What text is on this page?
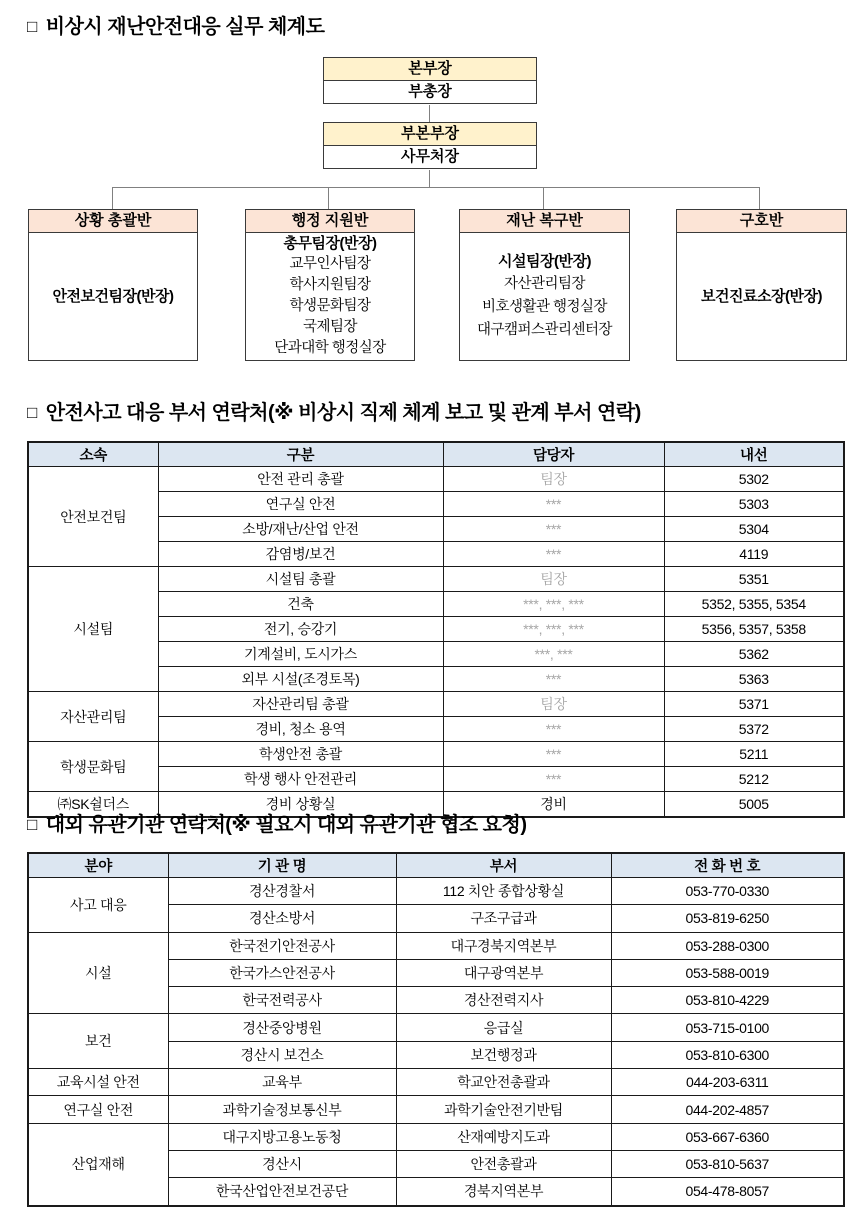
□ 비상시 재난안전대응 실무 체계도
본부장
부총장
부본부장
사무처장
상황 총괄반
안전보건팀장(반장)
행정 지원반
총무팀장(반장)
교무인사팀장
학사지원팀장
학생문화팀장
국제팀장
단과대학 행정실장
재난 복구반
시설팀장(반장)
자산관리팀장
비호생활관 행정실장
대구캠퍼스관리센터장
구호반
보건진료소장(반장)
□ 안전사고 대응 부서 연락처(※ 비상시 직제 체계 보고 및 관계 부서 연락)
소속	구분	담당자	내선
안전보건팀	안전 관리 총괄	팀장	5302
	연구실 안전	***	5303
	소방/재난/산업 안전	***	5304
	감염병/보건	***	4119
시설팀	시설팀 총괄	팀장	5351
	건축	***, ***, ***	5352, 5355, 5354
	전기, 승강기	***, ***, ***	5356, 5357, 5358
	기계설비, 도시가스	***, ***	5362
	외부 시설(조경토목)	***	5363
자산관리팀	자산관리팀 총괄	팀장	5371
	경비, 청소 용역	***	5372
학생문화팀	학생안전 총괄	***	5211
	학생 행사 안전관리	***	5212
㈜SK쉴더스	경비 상황실	경비	5005
□ 대외 유관기관 연락처(※ 필요시 대외 유관기관 협조 요청)
분야	기 관 명	부서	전 화 번 호
사고 대응	경산경찰서	112 치안 종합상황실	053-770-0330
	경산소방서	구조구급과	053-819-6250
시설	한국전기안전공사	대구경북지역본부	053-288-0300
	한국가스안전공사	대구광역본부	053-588-0019
	한국전력공사	경산전력지사	053-810-4229
보건	경산중앙병원	응급실	053-715-0100
	경산시 보건소	보건행정과	053-810-6300
교육시설 안전	교육부	학교안전총괄과	044-203-6311
연구실 안전	과학기술정보통신부	과학기술안전기반팀	044-202-4857
산업재해	대구지방고용노동청	산재예방지도과	053-667-6360
	경산시	안전총괄과	053-810-5637
	한국산업안전보건공단	경북지역본부	054-478-8057
